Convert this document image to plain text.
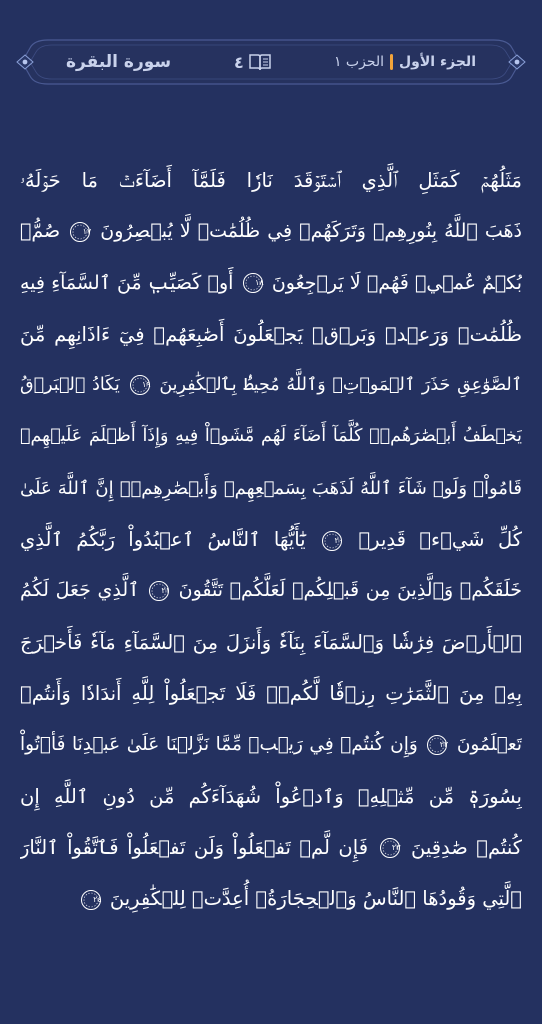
سورة البقرة	٤	الجزء الأول
الحزب ١
مَثَلُهُمۡ كَمَثَلِ ٱلَّذِي ٱسۡتَوۡقَدَ نَارٗا فَلَمَّآ أَضَآءَتۡ مَا حَوۡلَهُۥ
ذَهَبَ ٱللَّهُ بِنُورِهِمۡ وَتَرَكَهُمۡ فِي ظُلُمَٰتٖ لَّا يُبۡصِرُونَ
١٧
صُمُّۢ
بُكۡمٌ عُمۡيٞ فَهُمۡ لَا يَرۡجِعُونَ
١٨
أَوۡ كَصَيِّبٖ مِّنَ ٱلسَّمَآءِ فِيهِ
ظُلُمَٰتٞ وَرَعۡدٞ وَبَرۡقٞ يَجۡعَلُونَ أَصَٰبِعَهُمۡ فِيٓ ءَاذَانِهِم مِّنَ
ٱلصَّوَٰعِقِ حَذَرَ ٱلۡمَوۡتِۚ وَٱللَّهُ مُحِيطُۢ بِٱلۡكَٰفِرِينَ
١٩
يَكَادُ ٱلۡبَرۡقُ
يَخۡطَفُ أَبۡصَٰرَهُمۡۖ كُلَّمَآ أَضَآءَ لَهُم مَّشَوۡاْ فِيهِ وَإِذَآ أَظۡلَمَ عَلَيۡهِمۡ
قَامُواْۚ وَلَوۡ شَآءَ ٱللَّهُ لَذَهَبَ بِسَمۡعِهِمۡ وَأَبۡصَٰرِهِمۡۚ إِنَّ ٱللَّهَ عَلَىٰ
كُلِّ شَيۡءٖ قَدِيرٞ
٢٠
يَٰٓأَيُّهَا ٱلنَّاسُ ٱعۡبُدُواْ رَبَّكُمُ ٱلَّذِي
خَلَقَكُمۡ وَٱلَّذِينَ مِن قَبۡلِكُمۡ لَعَلَّكُمۡ تَتَّقُونَ
٢١
ٱلَّذِي جَعَلَ لَكُمُ
ٱلۡأَرۡضَ فِرَٰشٗا وَٱلسَّمَآءَ بِنَآءٗ وَأَنزَلَ مِنَ ٱلسَّمَآءِ مَآءٗ فَأَخۡرَجَ
بِهِۦ مِنَ ٱلثَّمَرَٰتِ رِزۡقٗا لَّكُمۡۖ فَلَا تَجۡعَلُواْ لِلَّهِ أَندَادٗا وَأَنتُمۡ
تَعۡلَمُونَ
٢٢
وَإِن كُنتُمۡ فِي رَيۡبٖ مِّمَّا نَزَّلۡنَا عَلَىٰ عَبۡدِنَا فَأۡتُواْ
بِسُورَةٖ مِّن مِّثۡلِهِۦ وَٱدۡعُواْ شُهَدَآءَكُم مِّن دُونِ ٱللَّهِ إِن
كُنتُمۡ صَٰدِقِينَ
٢٣
فَإِن لَّمۡ تَفۡعَلُواْ وَلَن تَفۡعَلُواْ فَٱتَّقُواْ ٱلنَّارَ
ٱلَّتِي وَقُودُهَا ٱلنَّاسُ وَٱلۡحِجَارَةُۖ أُعِدَّتۡ لِلۡكَٰفِرِينَ
٢٤
